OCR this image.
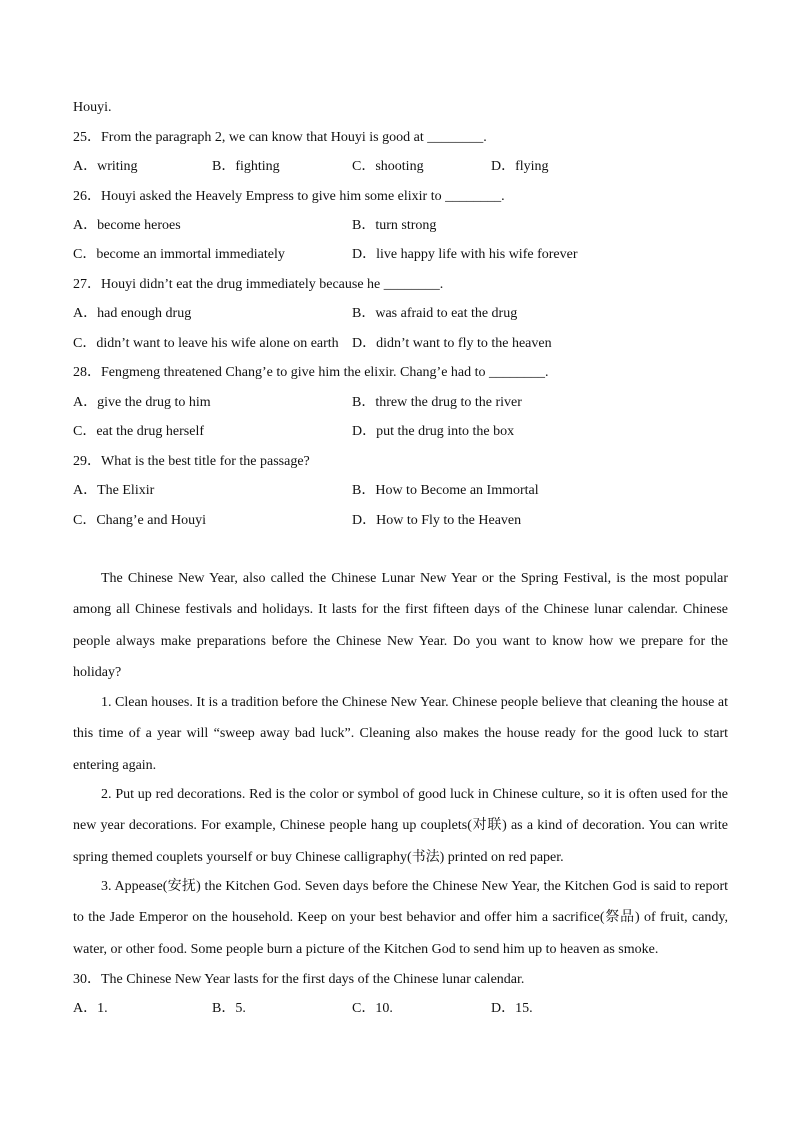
Houyi.
25．From the paragraph 2, we can know that Houyi is good at ________.
A．writing	B．fighting	C．shooting	D．flying
26．Houyi asked the Heavely Empress to give him some elixir to ________.
A．become heroes	B．turn strong
C．become an immortal immediately	D．live happy life with his wife forever
27．Houyi didn’t eat the drug immediately because he ________.
A．had enough drug	B．was afraid to eat the drug
C．didn’t want to leave his wife alone on earth D．didn’t want to fly to the heaven
28．Fengmeng threatened Chang’e to give him the elixir. Chang’e had to ________.
A．give the drug to him	B．threw the drug to the river
C．eat the drug herself	D．put the drug into the box
29．What is the best title for the passage?
A．The Elixir	B．How to Become an Immortal
C．Chang’e and Houyi	D．How to Fly to the Heaven

The Chinese New Year, also called the Chinese Lunar New Year or the Spring Festival, is the most popular among all Chinese festivals and holidays. It lasts for the first fifteen days of the Chinese lunar calendar. Chinese people always make preparations before the Chinese New Year. Do you want to know how we prepare for the holiday?

1. Clean houses. It is a tradition before the Chinese New Year. Chinese people believe that cleaning the house at this time of a year will “sweep away bad luck”. Cleaning also makes the house ready for the good luck to start entering again.

2. Put up red decorations. Red is the color or symbol of good luck in Chinese culture, so it is often used for the new year decorations. For example, Chinese people hang up couplets(对联) as a kind of decoration. You can write spring themed couplets yourself or buy Chinese calligraphy(书法) printed on red paper.

3. Appease(安抚) the Kitchen God. Seven days before the Chinese New Year, the Kitchen God is said to report to the Jade Emperor on the household. Keep on your best behavior and offer him a sacrifice(祭品) of fruit, candy, water, or other food. Some people burn a picture of the Kitchen God to send him up to heaven as smoke.

30．The Chinese New Year lasts for the first days of the Chinese lunar calendar.
A．1.	B．5.	C．10.	D．15.
